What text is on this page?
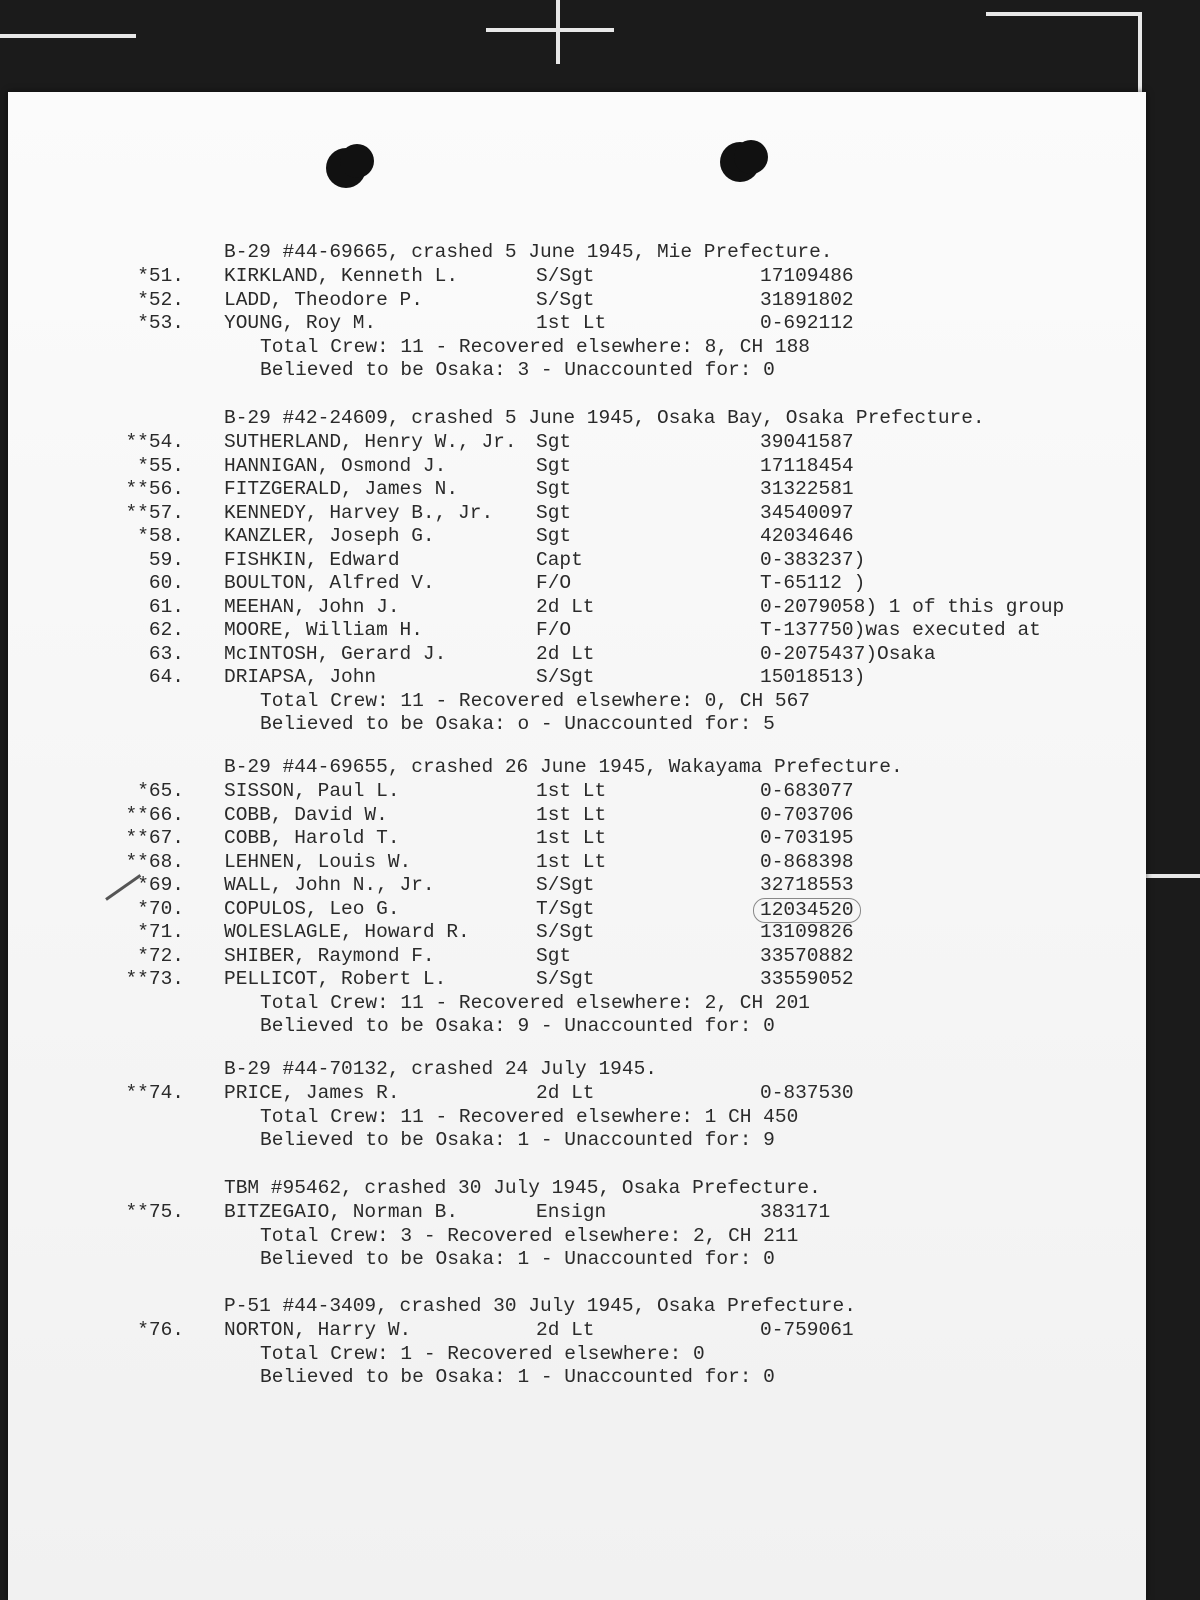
B-29 #44-69665, crashed 5 June 1945, Mie Prefecture.
*51. KIRKLAND, Kenneth L.	S/Sgt	17109486
*52. LADD, Theodore P.	S/Sgt	31891802
*53. YOUNG, Roy M.	1st Lt	0-692112
Total Crew: 11 - Recovered elsewhere: 8, CH 188
Believed to be Osaka: 3 - Unaccounted for: 0
B-29 #42-24609, crashed 5 June 1945, Osaka Bay, Osaka Prefecture.
**54. SUTHERLAND, Henry W., Jr. Sgt	39041587
*55. HANNIGAN, Osmond J.	Sgt	17118454
**56. FITZGERALD, James N.	Sgt	31322581
**57. KENNEDY, Harvey B., Jr. Sgt	34540097
*58. KANZLER, Joseph G.	Sgt	42034646
59. FISHKIN, Edward	Capt	0-383237)
60. BOULTON, Alfred V.	F/O	T-65112 )
61. MEEHAN, John J.	2d Lt	0-2079058) 1 of this group
62. MOORE, William H.	F/O	T-137750)was executed at
63. McINTOSH, Gerard J.	2d Lt	0-2075437)Osaka
64. DRIAPSA, John	S/Sgt	15018513)
Total Crew: 11 - Recovered elsewhere: 0, CH 567
Believed to be Osaka: o - Unaccounted for: 5
B-29 #44-69655, crashed 26 June 1945, Wakayama Prefecture.
*65. SISSON, Paul L.	1st Lt	0-683077
**66. COBB, David W.	1st Lt	0-703706
**67. COBB, Harold T.	1st Lt	0-703195
**68. LEHNEN, Louis W.	1st Lt	0-868398
*69. WALL, John N., Jr.	S/Sgt	32718553
*70. COPULOS, Leo G.	T/Sgt	12034520
*71. WOLESLAGLE, Howard R.	S/Sgt	13109826
*72. SHIBER, Raymond F.	Sgt	33570882
**73. PELLICOT, Robert L.	S/Sgt	33559052
Total Crew: 11 - Recovered elsewhere: 2, CH 201
Believed to be Osaka: 9 - Unaccounted for: 0
B-29 #44-70132, crashed 24 July 1945.
**74. PRICE, James R.	2d Lt	0-837530
Total Crew: 11 - Recovered elsewhere: 1 CH 450
Believed to be Osaka: 1 - Unaccounted for: 9
TBM #95462, crashed 30 July 1945, Osaka Prefecture.
**75. BITZEGAIO, Norman B.	Ensign	383171
Total Crew: 3 - Recovered elsewhere: 2, CH 211
Believed to be Osaka: 1 - Unaccounted for: 0
P-51 #44-3409, crashed 30 July 1945, Osaka Prefecture.
*76. NORTON, Harry W.	2d Lt	0-759061
Total Crew: 1 - Recovered elsewhere: 0
Believed to be Osaka: 1 - Unaccounted for: 0
